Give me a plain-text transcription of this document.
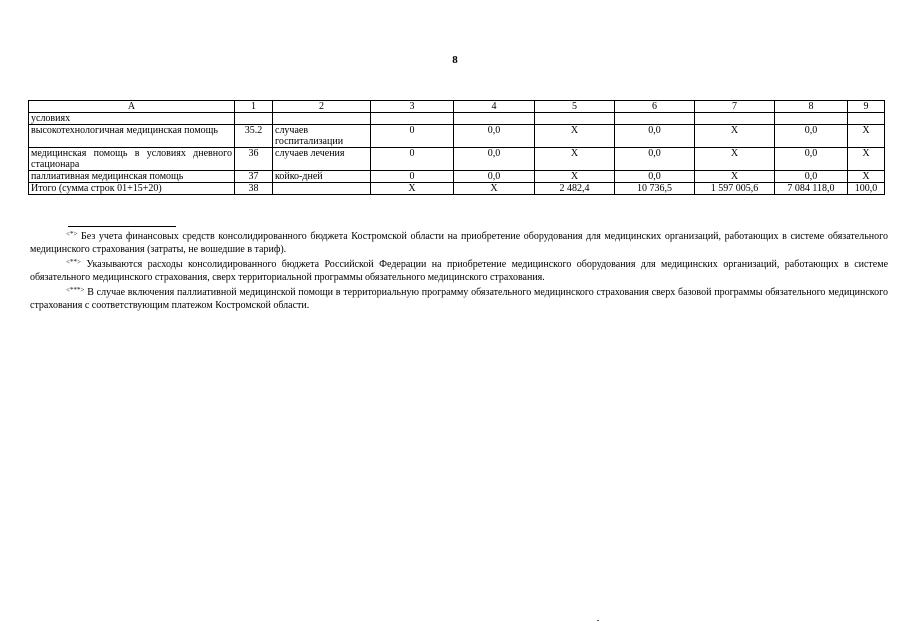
8
А	1	2	3	4	5	6	7	8	9
условиях									
высокотехнологичная медицинская помощь	35.2	случаев госпитализации	0	0,0	Х	0,0	Х	0,0	Х
медицинская помощь в условиях дневного стационара	36	случаев лечения	0	0,0	Х	0,0	Х	0,0	Х
паллиативная медицинская помощь	37	койко-дней	0	0,0	Х	0,0	Х	0,0	Х
Итого (сумма строк 01+15+20)	38		Х	Х	2 482,4	10 736,5	1 597 005,6	7 084 118,0	100,0

<*> Без учета финансовых средств консолидированного бюджета Костромской области на приобретение оборудования для медицинских организаций, работающих в системе обязательного медицинского страхования (затраты, не вошедшие в тариф).

<**> Указываются расходы консолидированного бюджета Российской Федерации на приобретение медицинского оборудования для медицинских организаций, работающих в системе обязательного медицинского страхования, сверх территориальной программы обязательного медицинского страхования.

<***> В случае включения паллиативной медицинской помощи в территориальную программу обязательного медицинского страхования сверх базовой программы обязательного медицинского страхования с соответствующим платежом Костромской области.
